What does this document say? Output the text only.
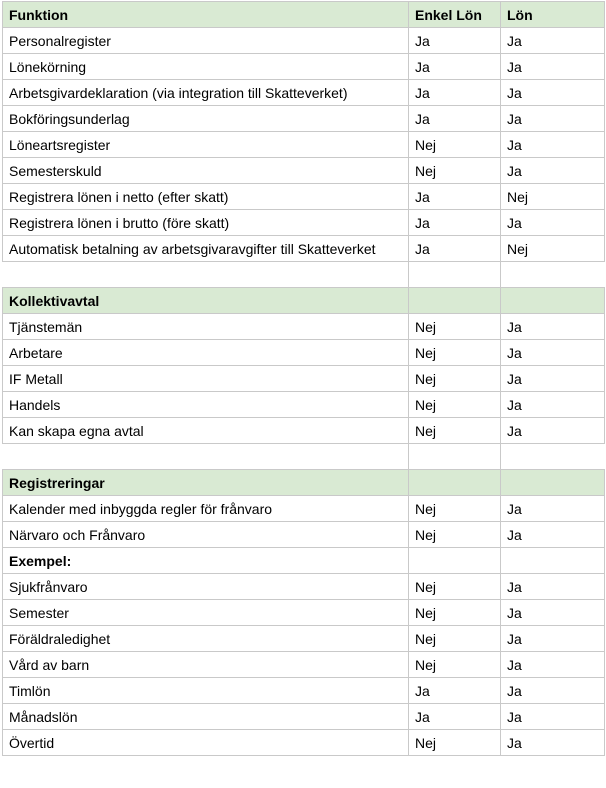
Funktion	Enkel Lön	Lön
Personalregister	Ja	Ja
Lönekörning	Ja	Ja
Arbetsgivardeklaration (via integration till Skatteverket)	Ja	Ja
Bokföringsunderlag	Ja	Ja
Löneartsregister	Nej	Ja
Semesterskuld	Nej	Ja
Registrera lönen i netto (efter skatt)	Ja	Nej
Registrera lönen i brutto (före skatt)	Ja	Ja
Automatisk betalning av arbetsgivaravgifter till Skatteverket	Ja	Nej

Kollektivavtal		
Tjänstemän	Nej	Ja
Arbetare	Nej	Ja
IF Metall	Nej	Ja
Handels	Nej	Ja
Kan skapa egna avtal	Nej	Ja

Registreringar		
Kalender med inbyggda regler för frånvaro	Nej	Ja
Närvaro och Frånvaro	Nej	Ja
Exempel:		
Sjukfrånvaro	Nej	Ja
Semester	Nej	Ja
Föräldraledighet	Nej	Ja
Vård av barn	Nej	Ja
Timlön	Ja	Ja
Månadslön	Ja	Ja
Övertid	Nej	Ja
